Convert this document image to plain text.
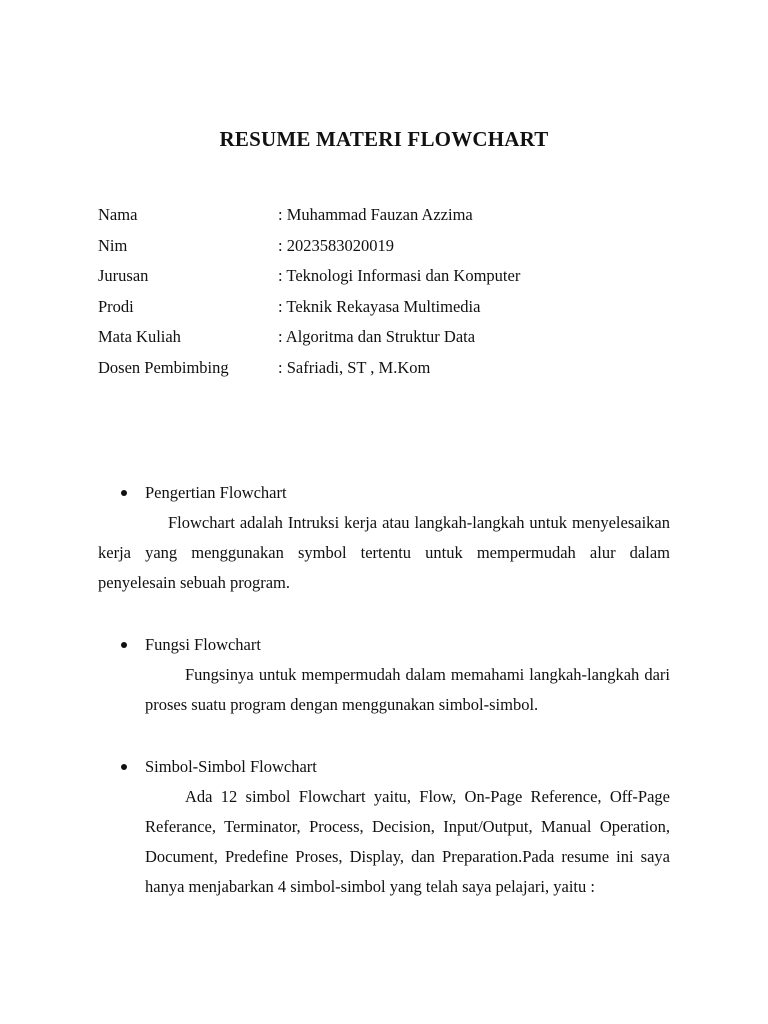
RESUME MATERI FLOWCHART
Nama	: Muhammad Fauzan Azzima
Nim	: 2023583020019
Jurusan	: Teknologi Informasi dan Komputer
Prodi	: Teknik Rekayasa Multimedia
Mata Kuliah	: Algoritma dan Struktur Data
Dosen Pembimbing	: Safriadi, ST , M.Kom
Pengertian Flowchart

Flowchart adalah Intruksi kerja atau langkah-langkah untuk menyelesaikan kerja yang menggunakan symbol tertentu untuk mempermudah alur dalam penyelesain sebuah program.

Fungsi Flowchart

Fungsinya untuk mempermudah dalam memahami langkah-langkah dari proses suatu program dengan menggunakan simbol-simbol.

Simbol-Simbol Flowchart

Ada 12 simbol Flowchart yaitu, Flow, On-Page Reference, Off-Page Referance, Terminator, Process, Decision, Input/Output, Manual Operation, Document, Predefine Proses, Display, dan Preparation.Pada resume ini saya hanya menjabarkan 4 simbol-simbol yang telah saya pelajari, yaitu :
